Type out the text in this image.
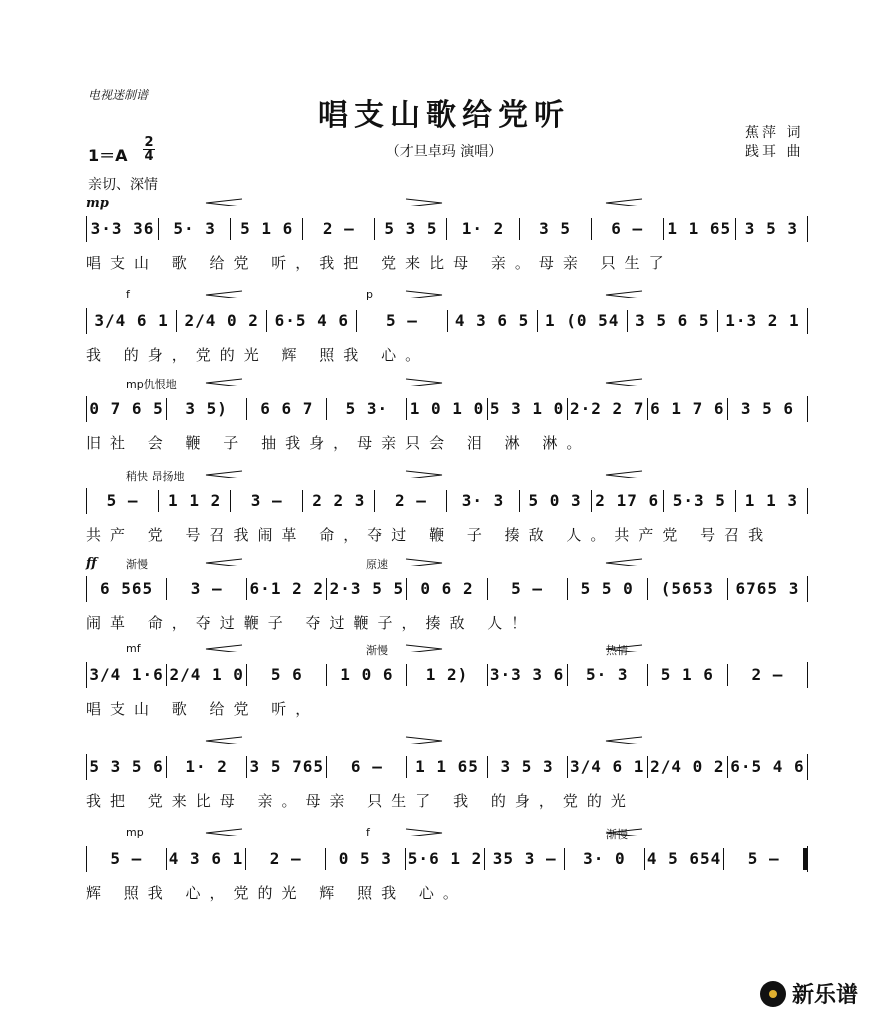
电视迷制谱
唱支山歌给党听
（才旦卓玛 演唱）
蕉萍 词
践耳 曲
1＝A
2
4
亲切、深情
mp
3·3 36	5· 3	5 1 6	2 –	5 3 5	1· 2	3 5	6 –	1 1 65 3 5 3
唱支山 歌 给党 听，我把 党来比母 亲。母亲 只生了
f	p
3/4 6 1 2/4 0 2 6·5 4 6	5 –	4 3 6 5 1 (0 54 3 5 6 5 1·3 2 1
我 的身，党的光 辉 照我 心。
mp仇恨地
0 7 6 5	3 5)	6 6 7	5 3·	1 0 1 0 5 3 1 0 2·2 2 7 6 1 7 6	3 5 6
旧社 会 鞭 子 抽我身，母亲只会 泪 淋 淋。
稍快 昂扬地
5 –	1 1 2	3 –	2 2 3	2 –	3· 3	5 0 3 2 17 6 5·3 5	1 1 3
共产 党 号召我闹革 命，夺过 鞭 子 揍敌 人。共产党 号召我
ff	渐慢	原速
6 565	3 –	6·1 2 2 2·3 5 5	0 6 2	5 –	5 5 0	(5653	6765 3
闹革 命，夺过鞭子 夺过鞭子，揍敌 人！
mf	渐慢	热情
3/4 1·6 2/4 1 0	5 6	1 0 6	1 2)	3·3 3 6	5· 3	5 1 6	2 –
唱支山 歌 给党 听，
5 3 5 6	1· 2	3 5 765	6 –	1 1 65	3 5 3	3/4 6 1 2/4 0 2 6·5 4 6
我把 党来比母 亲。母亲 只生了 我 的身，党的光
mp	f	渐慢
5 –	4 3 6 1	2 –	0 5 3 5·6 1 2 35 3 –	3· 0	4 5 654	5 –
辉 照我 心，党的光 辉 照我 心。
新乐谱
